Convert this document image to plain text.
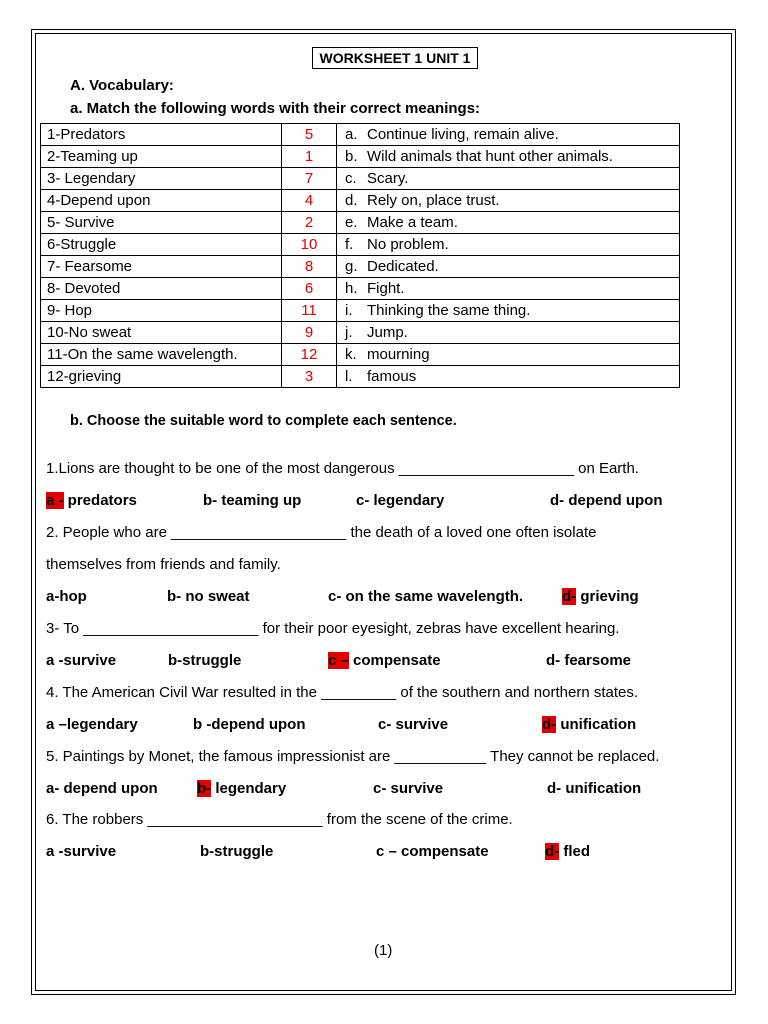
WORKSHEET 1 UNIT 1
A. Vocabulary:
a. Match the following words with their correct meanings:
1-Predators	5	a. Continue living, remain alive.
2-Teaming up	1	b. Wild animals that hunt other animals.
3- Legendary	7	c. Scary.
4-Depend upon	4	d. Rely on, place trust.
5- Survive	2	e. Make a team.
6-Struggle	10	f. No problem.
7- Fearsome	8	g. Dedicated.
8- Devoted	6	h. Fight.
9- Hop	11	i. Thinking the same thing.
10-No sweat	9	j. Jump.
11-On the same wavelength.	12	k. mourning
12-grieving	3	l. famous
b. Choose the suitable word to complete each sentence.
1.Lions are thought to be one of the most dangerous _____________________ on Earth.
a - predators	b- teaming up	c- legendary	d- depend upon
2. People who are _____________________ the death of a loved one often isolate
themselves from friends and family.
a-hop	b- no sweat	c- on the same wavelength.	d- grieving
3- To _____________________ for their poor eyesight, zebras have excellent hearing.
a -survive	b-struggle	c – compensate	d- fearsome
4. The American Civil War resulted in the _________ of the southern and northern states.
a –legendary	b -depend upon	c- survive	d- unification
5. Paintings by Monet, the famous impressionist are ___________ They cannot be replaced.
a- depend upon	b- legendary	c- survive	d- unification
6. The robbers _____________________ from the scene of the crime.
a -survive	b-struggle	c – compensate	d- fled
(1)
